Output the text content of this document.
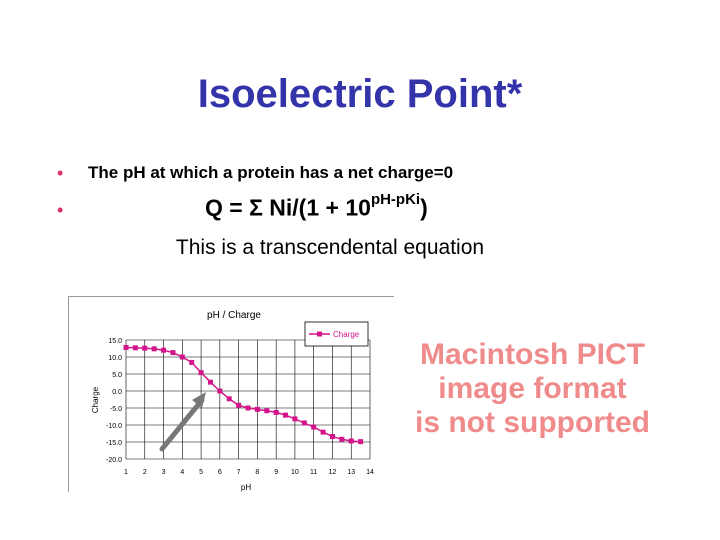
Isoelectric Point*
• The pH at which a protein has a net charge=0
•	Q = Σ $Ni/(1 + 10^{pH-pKi})$
This is a transcendental equation
pH / Charge
pH
Charge
15.0
10.0
5.0
0.0
-5.0
-10.0
-15.0
-20.0
1 2 3 4 5 6 7 8 9 10 11 12 13 14
Charge
Macintosh PICT
image format
is not supported
